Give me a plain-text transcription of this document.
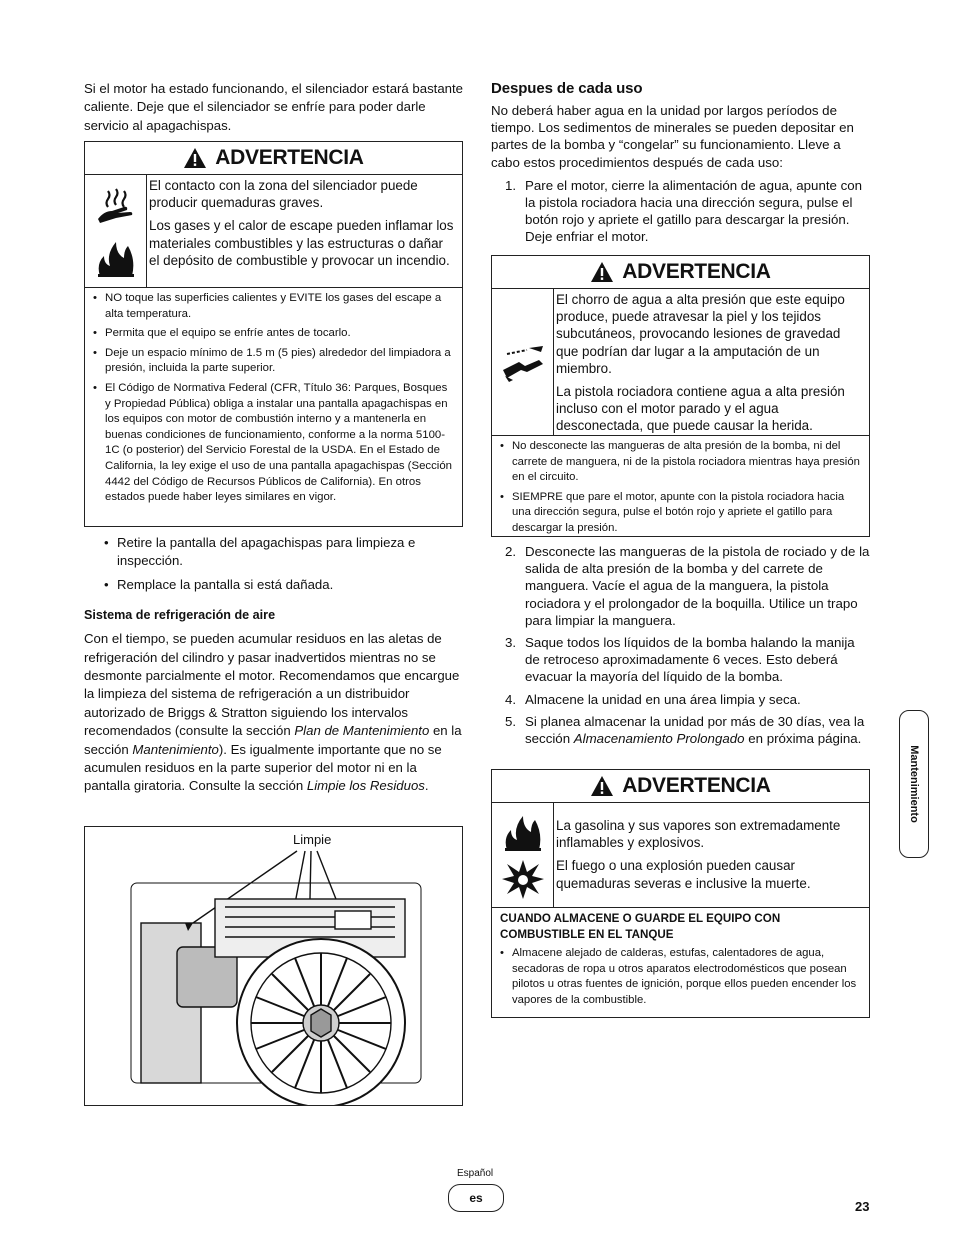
Si el motor ha estado funcionando, el silenciador estará bastante caliente. Deje que el silenciador se enfríe para poder darle servicio al apagachispas.

ADVERTENCIA

El contacto con la zona del silenciador puede producir quemaduras graves.

Los gases y el calor de escape pueden inflamar los materiales combustibles y las estructuras o dañar el depósito de combustible y provocar un incendio.

• NO toque las superficies calientes y EVITE los gases del escape a alta temperatura.
• Permita que el equipo se enfríe antes de tocarlo.
• Deje un espacio mínimo de 1.5 m (5 pies) alrededor del limpiadora a presión, incluida la parte superior.
• El Código de Normativa Federal (CFR, Título 36: Parques, Bosques y Propiedad Pública) obliga a instalar una pantalla apagachispas en los equipos con motor de combustión interno y a mantenerla en buenas condiciones de funcionamiento, conforme a la norma 5100-1C (o posterior) del Servicio Forestal de la USDA. En el Estado de California, la ley exige el uso de una pantalla apagachispas (Sección 4442 del Código de Recursos Públicos de California). En otros estados puede haber leyes similares en vigor.
• Retire la pantalla del apagachispas para limpieza e inspección.
• Remplace la pantalla si está dañada.

Sistema de refrigeración de aire

Con el tiempo, se pueden acumular residuos en las aletas de refrigeración del cilindro y pasar inadvertidos mientras no se desmonte parcialmente el motor. Recomendamos que encargue la limpieza del sistema de refrigeración a un distribuidor autorizado de Briggs & Stratton siguiendo los intervalos recomendados (consulte la sección Plan de Mantenimiento en la sección Mantenimiento). Es igualmente importante que no se acumulen residuos en la parte superior del motor ni en la pantalla giratoria. Consulte la sección Limpie los Residuos.

Limpie

Despues de cada uso

No deberá haber agua en la unidad por largos períodos de tiempo. Los sedimentos de minerales se pueden depositar en partes de la bomba y “congelar” su funcionamiento. Lleve a cabo estos procedimientos después de cada uso:

1. Pare el motor, cierre la alimentación de agua, apunte con la pistola rociadora hacia una dirección segura, pulse el botón rojo y apriete el gatillo para descargar la presión. Deje enfriar el motor.
ADVERTENCIA

El chorro de agua a alta presión que este equipo produce, puede atravesar la piel y los tejidos subcutáneos, provocando lesiones de gravedad que podrían dar lugar a la amputación de un miembro.

La pistola rociadora contiene agua a alta presión incluso con el motor parado y el agua desconectada, que puede causar la herida.

• No desconecte las mangueras de alta presión de la bomba, ni del carrete de manguera, ni de la pistola rociadora mientras haya presión en el circuito.
• SIEMPRE que pare el motor, apunte con la pistola rociadora hacia una dirección segura, pulse el botón rojo y apriete el gatillo para descargar la presión.
2. Desconecte las mangueras de la pistola de rociado y de la salida de alta presión de la bomba y del carrete de manguera. Vacíe el agua de la manguera, la pistola rociadora y el prolongador de la boquilla. Utilice un trapo para limpiar la manguera.
3. Saque todos los líquidos de la bomba halando la manija de retroceso aproximadamente 6 veces. Esto deberá evacuar la mayoría del líquido de la bomba.
4. Almacene la unidad en una área limpia y seca.
5. Si planea almacenar la unidad por más de 30 días, vea la sección Almacenamiento Prolongado en próxima página.
ADVERTENCIA

La gasolina y sus vapores son extremadamente inflamables y explosivos.

El fuego o una explosión pueden causar quemaduras severas e inclusive la muerte.

CUANDO ALMACENE O GUARDE EL EQUIPO CON COMBUSTIBLE EN EL TANQUE
• Almacene alejado de calderas, estufas, calentadores de agua, secadoras de ropa u otros aparatos electrodomésticos que posean pilotos u otras fuentes de ignición, porque ellos pueden encender los vapores de la combustible.
Mantenimiento
Español
es
23
